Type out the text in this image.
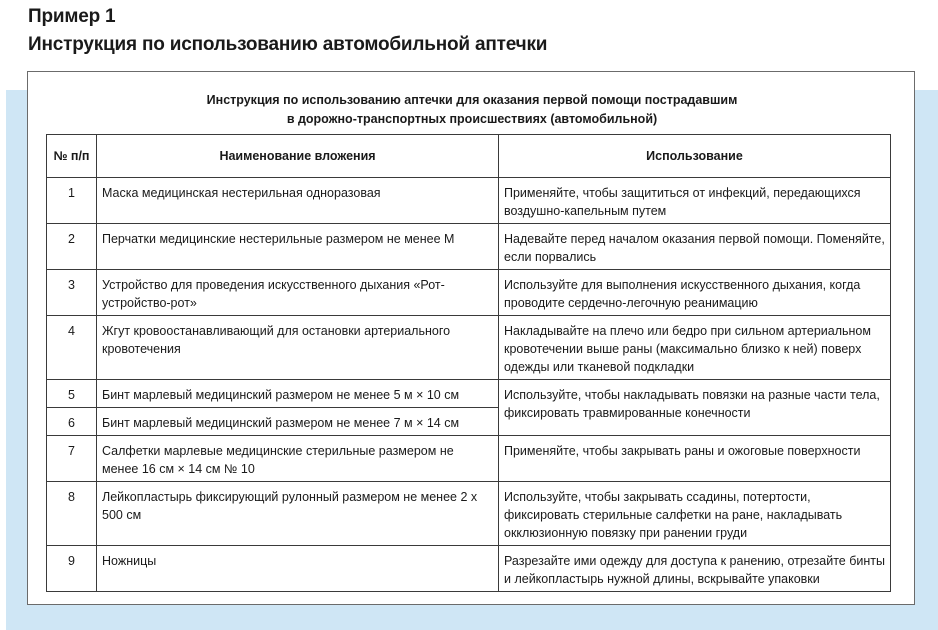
Пример 1
Инструкция по использованию автомобильной аптечки
Инструкция по использованию аптечки для оказания первой помощи пострадавшим
в дорожно-транспортных происшествиях (автомобильной)
№ п/п	Наименование вложения	Использование
1	Маска медицинская нестерильная одноразовая	Применяйте, чтобы защититься от инфекций, передающихся воздушно-капельным путем
2	Перчатки медицинские нестерильные размером не менее М	Надевайте перед началом оказания первой помощи. Поменяйте, если порвались
3	Устройство для проведения искусственного дыхания «Рот-устройство-рот»	Используйте для выполнения искусственного дыхания, когда проводите сердечно-легочную реанимацию
4	Жгут кровоостанавливающий для остановки артериального кровотечения	Накладывайте на плечо или бедро при сильном артериальном кровотечении выше раны (максимально близко к ней) поверх одежды или тканевой подкладки
5	Бинт марлевый медицинский размером не менее 5 м × 10 см	Используйте, чтобы накладывать повязки на разные части тела, фиксировать травмированные конечности
6	Бинт марлевый медицинский размером не менее 7 м × 14 см	
7	Салфетки марлевые медицинские стерильные размером не менее 16 см × 14 см № 10	Применяйте, чтобы закрывать раны и ожоговые поверхности
8	Лейкопластырь фиксирующий рулонный размером не менее 2 х 500 см	Используйте, чтобы закрывать ссадины, потертости, фиксировать стерильные салфетки на ране, накладывать окклюзионную повязку при ранении груди
9	Ножницы	Разрезайте ими одежду для доступа к ранению, отрезайте бинты и лейкопластырь нужной длины, вскрывайте упаковки
